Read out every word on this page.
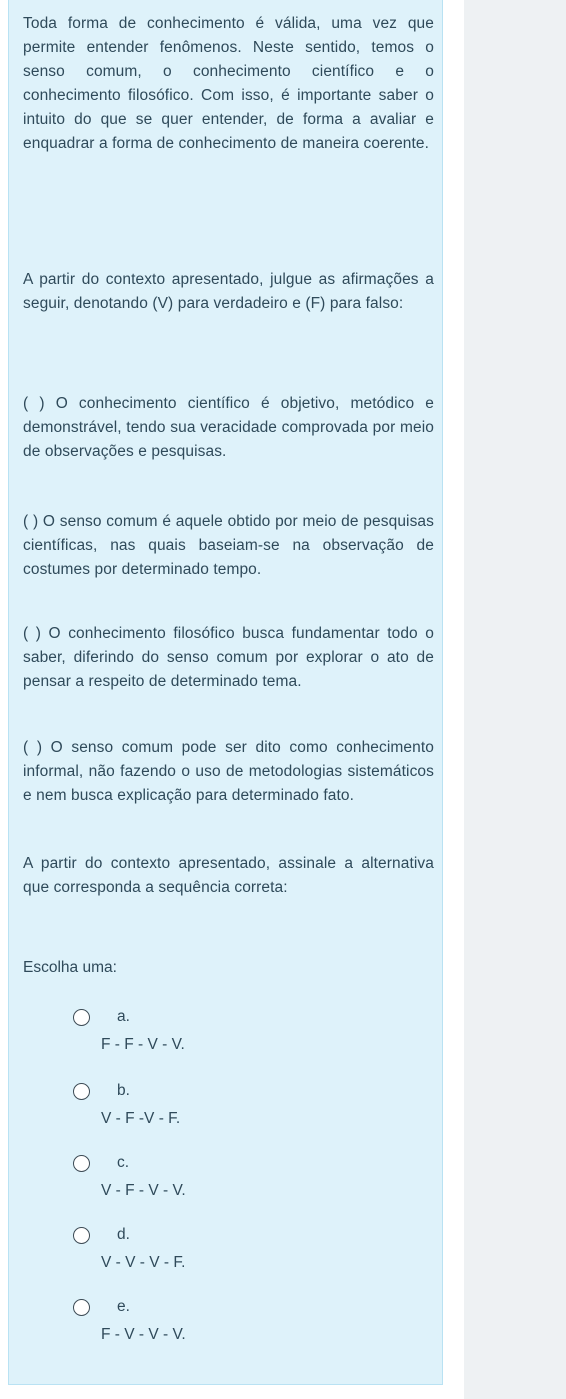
Toda forma de conhecimento é válida, uma vez que permite entender fenômenos. Neste sentido, temos o senso comum, o conhecimento científico e o conhecimento filosófico. Com isso, é importante saber o intuito do que se quer entender, de forma a avaliar e enquadrar a forma de conhecimento de maneira coerente.

A partir do contexto apresentado, julgue as afirmações a seguir, denotando (V) para verdadeiro e (F) para falso:

( ) O conhecimento científico é objetivo, metódico e demonstrável, tendo sua veracidade comprovada por meio de observações e pesquisas.

( ) O senso comum é aquele obtido por meio de pesquisas científicas, nas quais baseiam-se na observação de costumes por determinado tempo.

( ) O conhecimento filosófico busca fundamentar todo o saber, diferindo do senso comum por explorar o ato de pensar a respeito de determinado tema.

( ) O senso comum pode ser dito como conhecimento informal, não fazendo o uso de metodologias sistemáticos e nem busca explicação para determinado fato.

A partir do contexto apresentado, assinale a alternativa que corresponda a sequência correta:

Escolha uma:
a.
F - F - V - V.
b.
V - F -V - F.
c.
V - F - V - V.
d.
V - V - V - F.
e.
F - V - V - V.
